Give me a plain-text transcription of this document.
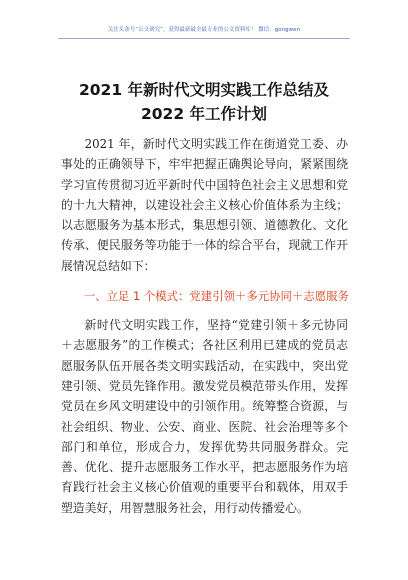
关注头条号“公文研究”，获得最新最全最专业的公文资料库！ 微信：gongwen
2021 年新时代文明实践工作总结及 2022 年工作计划

2021 年，新时代文明实践工作在街道党工委、办事处的正确领导下，牢牢把握正确舆论导向，紧紧围绕学习宣传贯彻习近平新时代中国特色社会主义思想和党的十九大精神，以建设社会主义核心价值体系为主线；以志愿服务为基本形式，集思想引领、道德教化、文化传承、便民服务等功能于一体的综合平台，现就工作开展情况总结如下：

一、立足 1 个模式：党建引领＋多元协同＋志愿服务

新时代文明实践工作，坚持“党建引领＋多元协同＋志愿服务”的工作模式；各社区利用已建成的党员志愿服务队伍开展各类文明实践活动，在实践中，突出党建引领、党员先锋作用。激发党员模范带头作用，发挥党员在乡风文明建设中的引领作用。统筹整合资源，与社会组织、物业、公安、商业、医院、社会治理等多个部门和单位，形成合力，发挥优势共同服务群众。完善、优化、提升志愿服务工作水平，把志愿服务作为培育践行社会主义核心价值观的重要平台和载体，用双手塑造美好，用智慧服务社会，用行动传播爱心。
